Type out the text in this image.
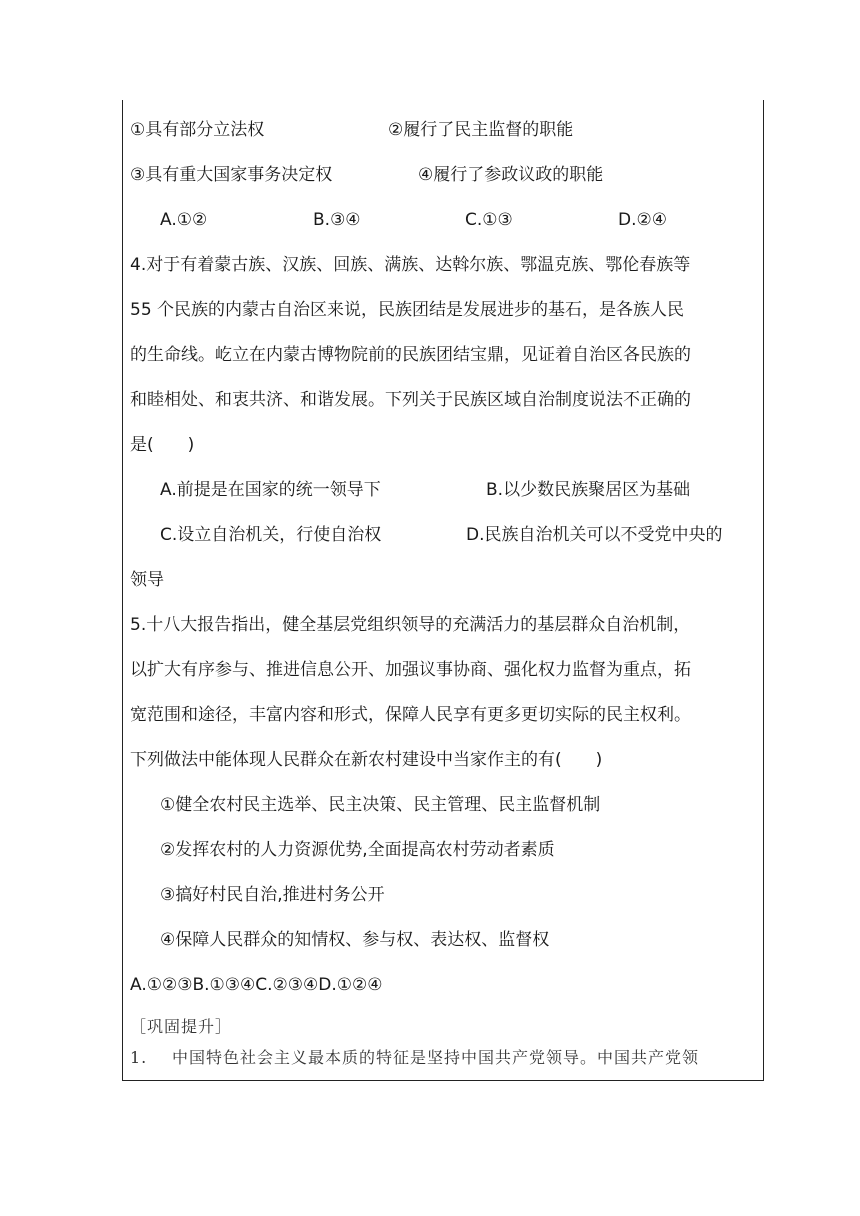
①具有部分立法权	②履行了民主监督的职能
③具有重大国家事务决定权	④履行了参政议政的职能
A.①②	B.③④	C.①③	D.②④
4.对于有着蒙古族、汉族、回族、满族、达斡尔族、鄂温克族、鄂伦春族等
55 个民族的内蒙古自治区来说，民族团结是发展进步的基石，是各族人民
的生命线。屹立在内蒙古博物院前的民族团结宝鼎，见证着自治区各民族的
和睦相处、和衷共济、和谐发展。下列关于民族区域自治制度说法不正确的
是(　　)
A.前提是在国家的统一领导下	B.以少数民族聚居区为基础
C.设立自治机关，行使自治权	D.民族自治机关可以不受党中央的
领导
5.十八大报告指出，健全基层党组织领导的充满活力的基层群众自治机制，
以扩大有序参与、推进信息公开、加强议事协商、强化权力监督为重点，拓
宽范围和途径，丰富内容和形式，保障人民享有更多更切实际的民主权利。
下列做法中能体现人民群众在新农村建设中当家作主的有(　　)
①健全农村民主选举、民主决策、民主管理、民主监督机制
②发挥农村的人力资源优势,全面提高农村劳动者素质
③搞好村民自治,推进村务公开
④保障人民群众的知情权、参与权、表达权、监督权
A.①②③B.①③④C.②③④D.①②④
［巩固提升］
1. 中国特色社会主义最本质的特征是坚持中国共产党领导。中国共产党领
